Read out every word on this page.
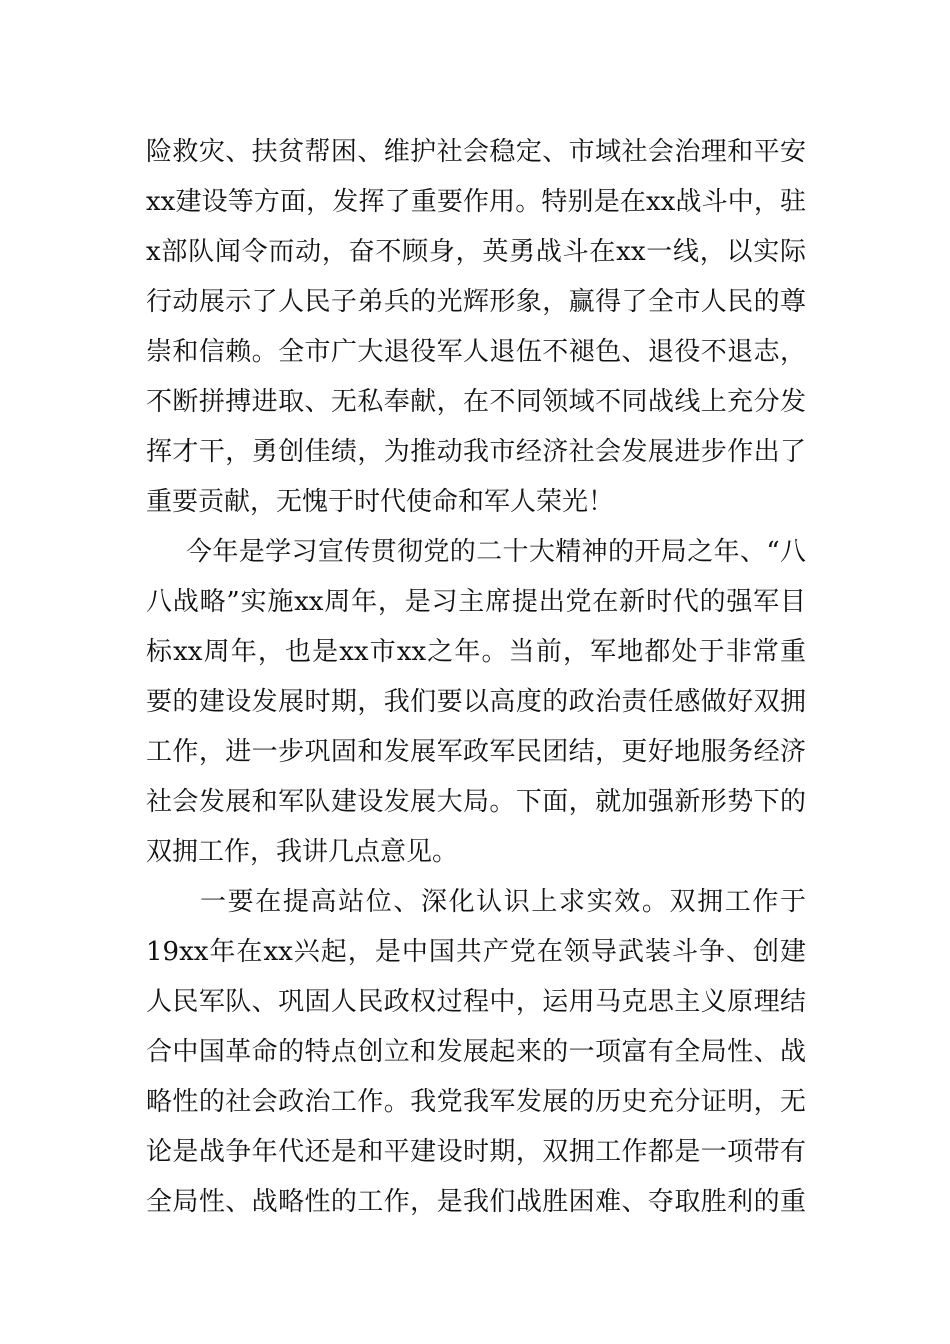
险救灾、扶贫帮困、维护社会稳定、市域社会治理和平安
xx建设等方面，发挥了重要作用。特别是在xx战斗中，驻
x部队闻令而动，奋不顾身，英勇战斗在xx一线，以实际
行动展示了人民子弟兵的光辉形象，赢得了全市人民的尊
崇和信赖。全市广大退役军人退伍不褪色、退役不退志，
不断拼搏进取、无私奉献，在不同领域不同战线上充分发
挥才干，勇创佳绩，为推动我市经济社会发展进步作出了
重要贡献，无愧于时代使命和军人荣光！
今年是学习宣传贯彻党的二十大精神的开局之年、“八
八战略”实施xx周年，是习主席提出党在新时代的强军目
标xx周年，也是xx市xx之年。当前，军地都处于非常重
要的建设发展时期，我们要以高度的政治责任感做好双拥
工作，进一步巩固和发展军政军民团结，更好地服务经济
社会发展和军队建设发展大局。下面，就加强新形势下的
双拥工作，我讲几点意见。
一要在提高站位、深化认识上求实效。双拥工作于
19xx年在xx兴起，是中国共产党在领导武装斗争、创建
人民军队、巩固人民政权过程中，运用马克思主义原理结
合中国革命的特点创立和发展起来的一项富有全局性、战
略性的社会政治工作。我党我军发展的历史充分证明，无
论是战争年代还是和平建设时期，双拥工作都是一项带有
全局性、战略性的工作，是我们战胜困难、夺取胜利的重
